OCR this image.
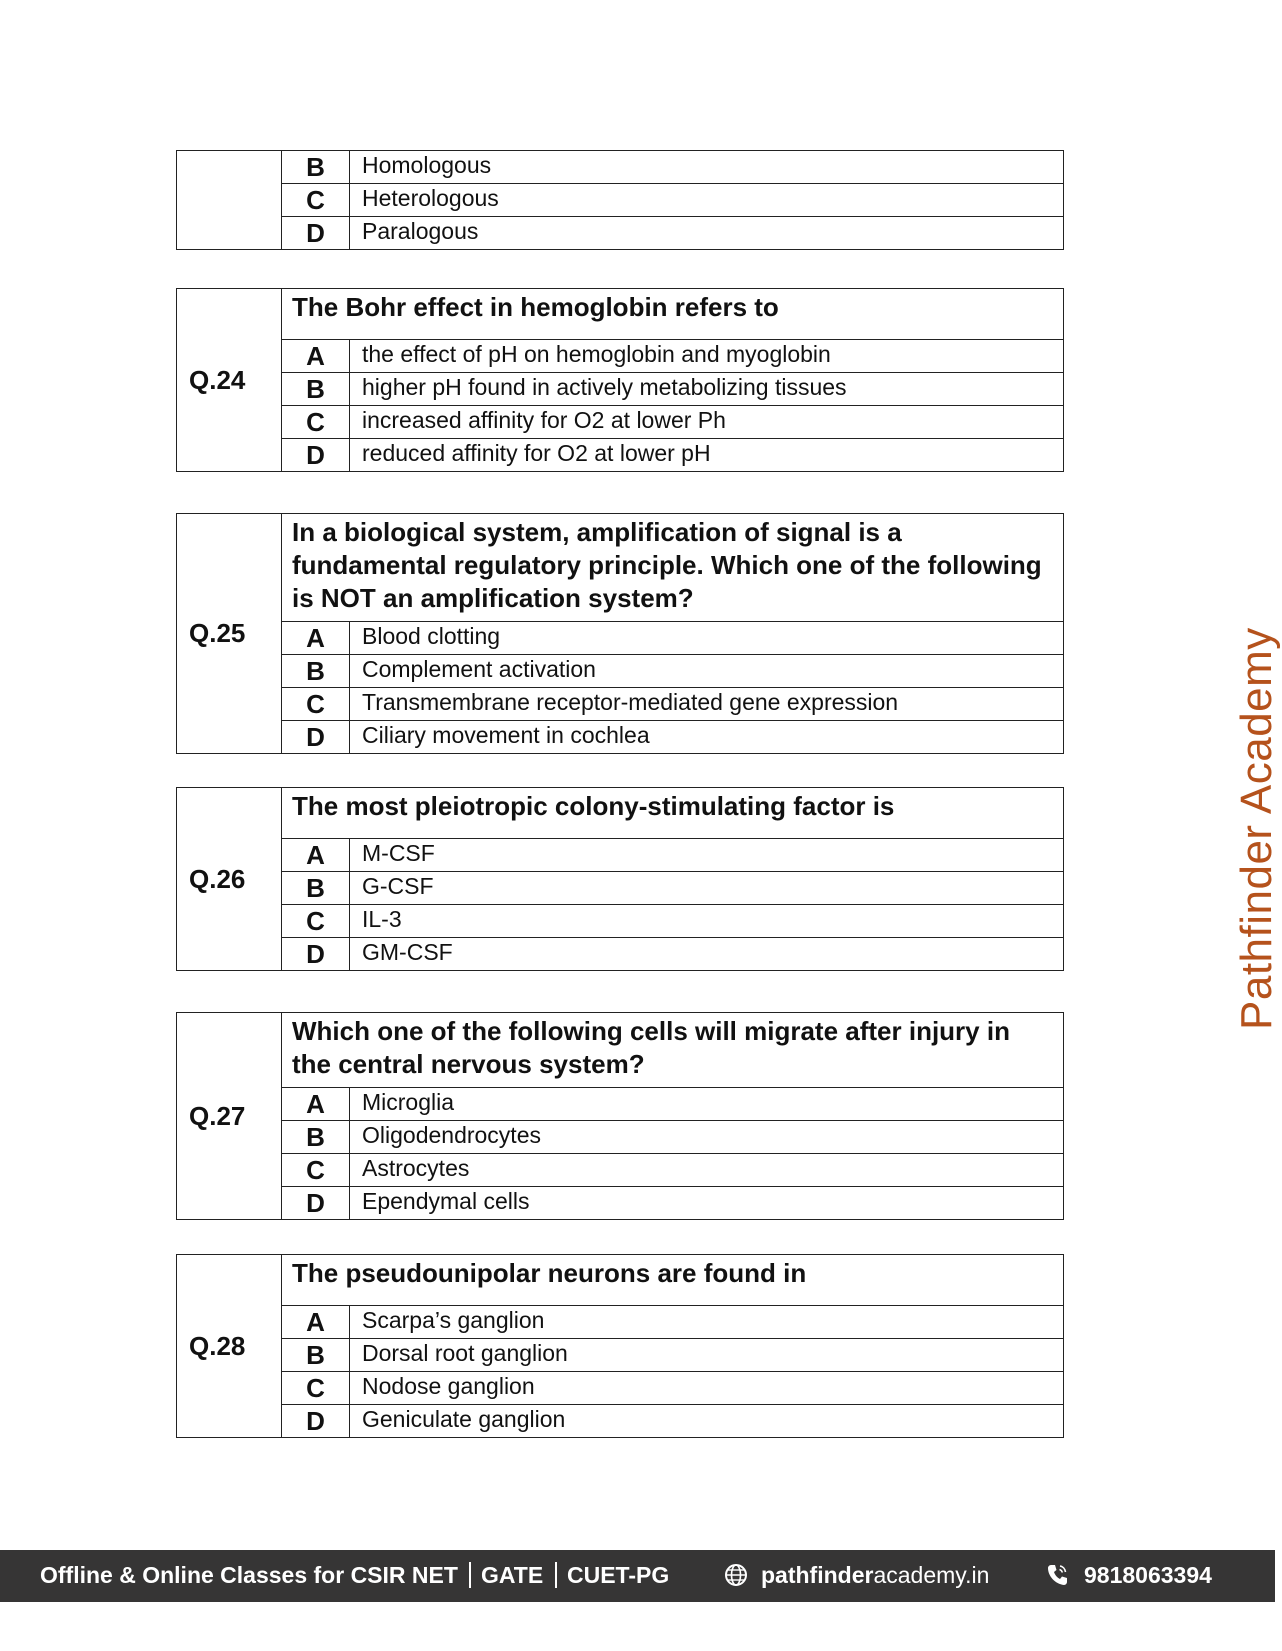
	B	Homologous
	C	Heterologous
	D	Paralogous
Q.24	The Bohr effect in hemoglobin refers to	
	A	the effect of pH on hemoglobin and myoglobin
	B	higher pH found in actively metabolizing tissues
	C	increased affinity for O2 at lower Ph
	D	reduced affinity for O2 at lower pH
Q.25	In a biological system, amplification of signal is a fundamental regulatory principle. Which one of the following is NOT an amplification system?	
	A	Blood clotting
	B	Complement activation
	C	Transmembrane receptor-mediated gene expression
	D	Ciliary movement in cochlea
Q.26	The most pleiotropic colony-stimulating factor is	
	A	M-CSF
	B	G-CSF
	C	IL-3
	D	GM-CSF
Q.27	Which one of the following cells will migrate after injury in the central nervous system?	
	A	Microglia
	B	Oligodendrocytes
	C	Astrocytes
	D	Ependymal cells
Q.28	The pseudounipolar neurons are found in	
	A	Scarpa’s ganglion
	B	Dorsal root ganglion
	C	Nodose ganglion
	D	Geniculate ganglion
Pathfinder Academy
Offline & Online Classes for CSIR NET GATE CUET-PG	pathfinderacademy.in	9818063394
